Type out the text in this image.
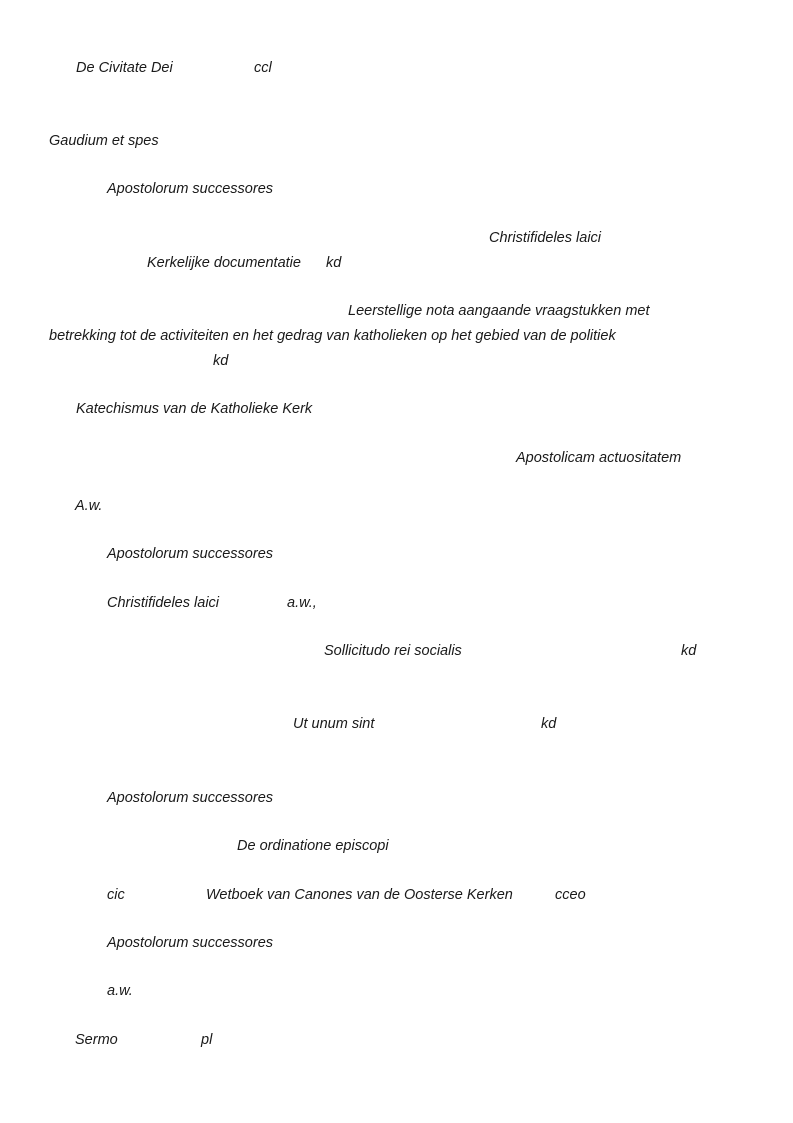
De Civitate Dei	ccl
Gaudium et spes
Apostolorum successores
Christifideles laici
Kerkelijke documentatie kd
Leerstellige nota aangaande vraagstukken met
betrekking tot de activiteiten en het gedrag van katholieken op het gebied van de politiek
kd
Katechismus van de Katholieke Kerk
Apostolicam actuositatem
A.w.
Apostolorum successores
Christifideles laici	a.w.,
Sollicitudo rei socialis	kd
Ut unum sint	kd
Apostolorum successores
De ordinatione episcopi
cic	Wetboek van Canones van de Oosterse Kerken	cceo
Apostolorum successores
a.w.
Sermo	pl
